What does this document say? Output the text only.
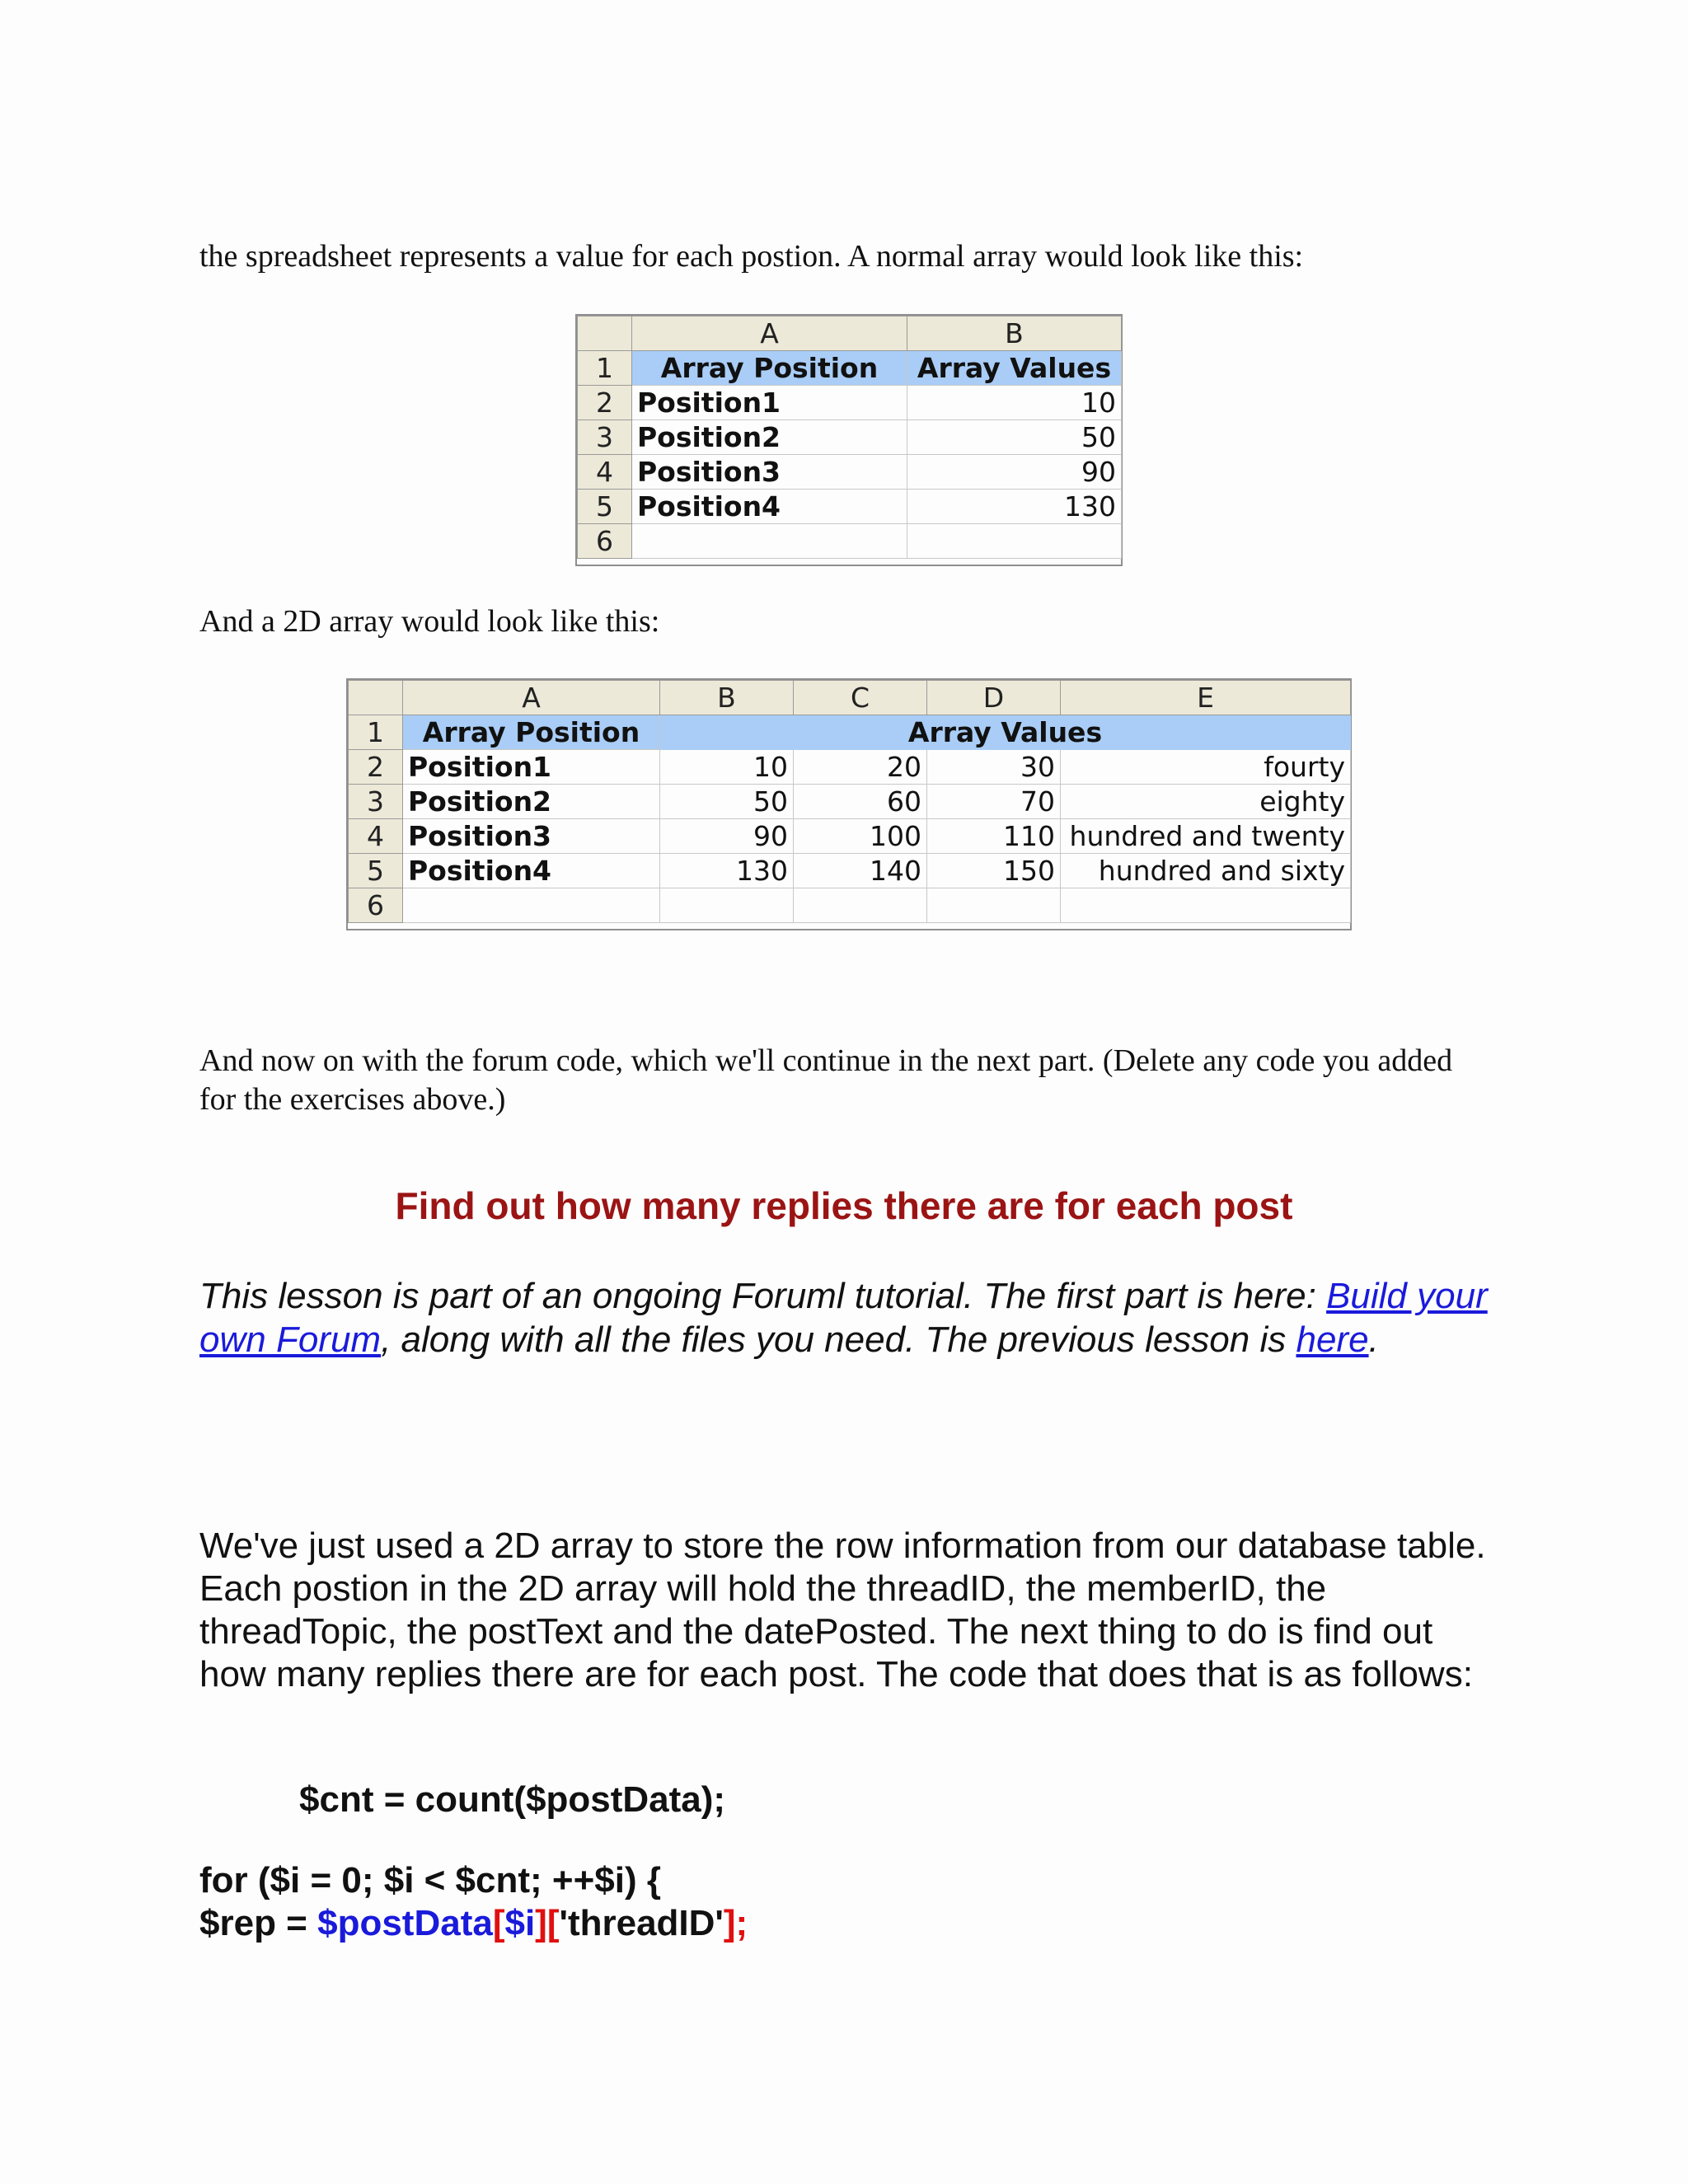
the spreadsheet represents a value for each postion. A normal array would look like this:

	A	B
1	Array Position	Array Values
2	Position1	10
3	Position2	50
4	Position3	90
5	Position4	130
6		

And a 2D array would look like this:

	A	B	C	D	E
1	Array Position	Array Values			
2	Position1	10	20	30	fourty
3	Position2	50	60	70	eighty
4	Position3	90	100	110	hundred and twenty
5	Position4	130	140	150	hundred and sixty
6					

And now on with the forum code, which we'll continue in the next part. (Delete any code you added for the exercises above.)

Find out how many replies there are for each post

This lesson is part of an ongoing Foruml tutorial. The first part is here: Build your own Forum, along with all the files you need. The previous lesson is here.

We've just used a 2D array to store the row information from our database table. Each postion in the 2D array will hold the threadID, the memberID, the threadTopic, the postText and the datePosted. The next thing to do is find out how many replies there are for each post. The code that does that is as follows:

$cnt = count($postData);
for ($i = 0; $i < $cnt; ++$i) {
$rep = $postData[$i]['threadID'];
